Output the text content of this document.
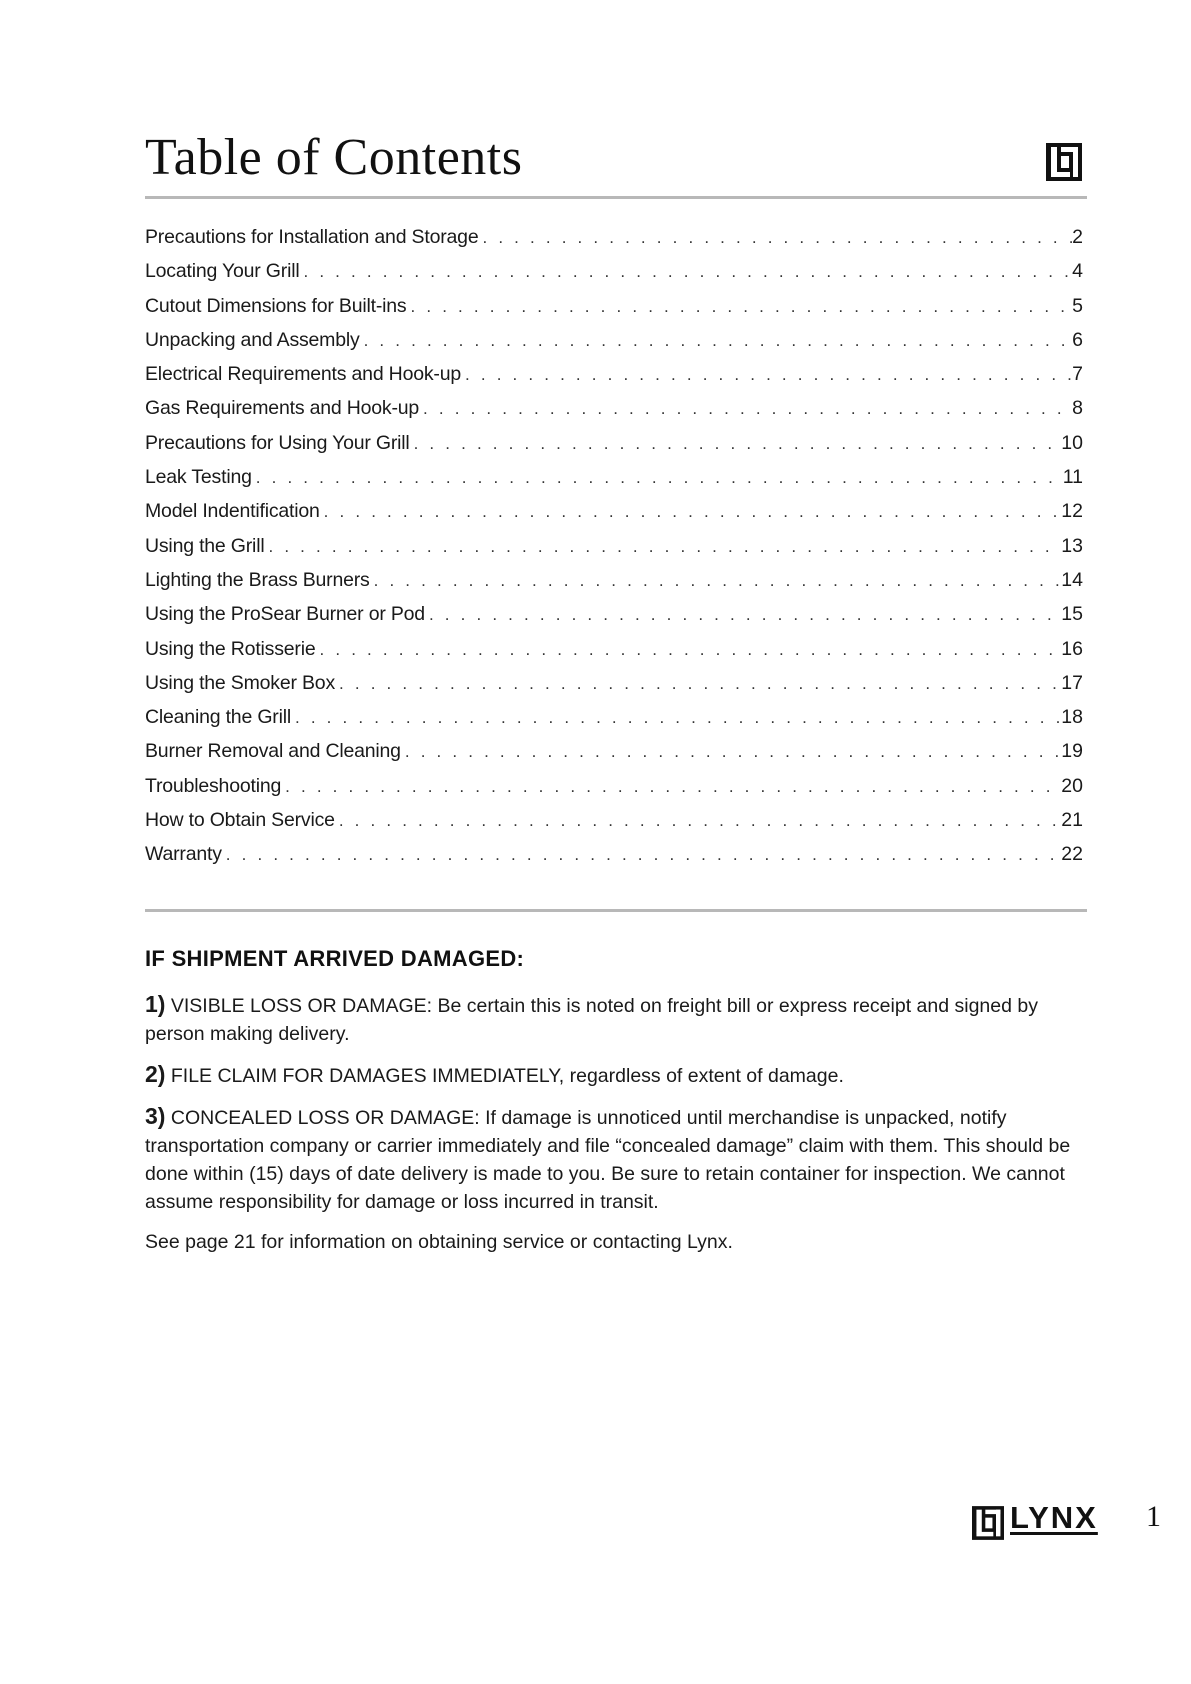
Table of Contents
Precautions for Installation and Storage . . .	2
Locating Your Grill . . .	4
Cutout Dimensions for Built-ins . . .	5
Unpacking and Assembly . . .	6
Electrical Requirements and Hook-up . . .	7
Gas Requirements and Hook-up . . .	8
Precautions for Using Your Grill . . .	10
Leak Testing . . .	11
Model Indentification . . .	12
Using the Grill . . .	13
Lighting the Brass Burners . . .	14
Using the ProSear Burner or Pod . . .	15
Using the Rotisserie . . .	16
Using the Smoker Box . . .	17
Cleaning the Grill . . .	18
Burner Removal and Cleaning . . .	19
Troubleshooting . . .	20
How to Obtain Service . . .	21
Warranty . . .	22
IF SHIPMENT ARRIVED DAMAGED:

1) VISIBLE LOSS OR DAMAGE: Be certain this is noted on freight bill or express receipt and signed by person making delivery.

2) FILE CLAIM FOR DAMAGES IMMEDIATELY, regardless of extent of damage.

3) CONCEALED LOSS OR DAMAGE: If damage is unnoticed until merchandise is unpacked, notify transportation company or carrier immediately and file “concealed damage” claim with them. This should be done within (15) days of date delivery is made to you. Be sure to retain container for inspection. We cannot assume responsibility for damage or loss incurred in transit.

See page 21 for information on obtaining service or contacting Lynx.

LYNX 1
